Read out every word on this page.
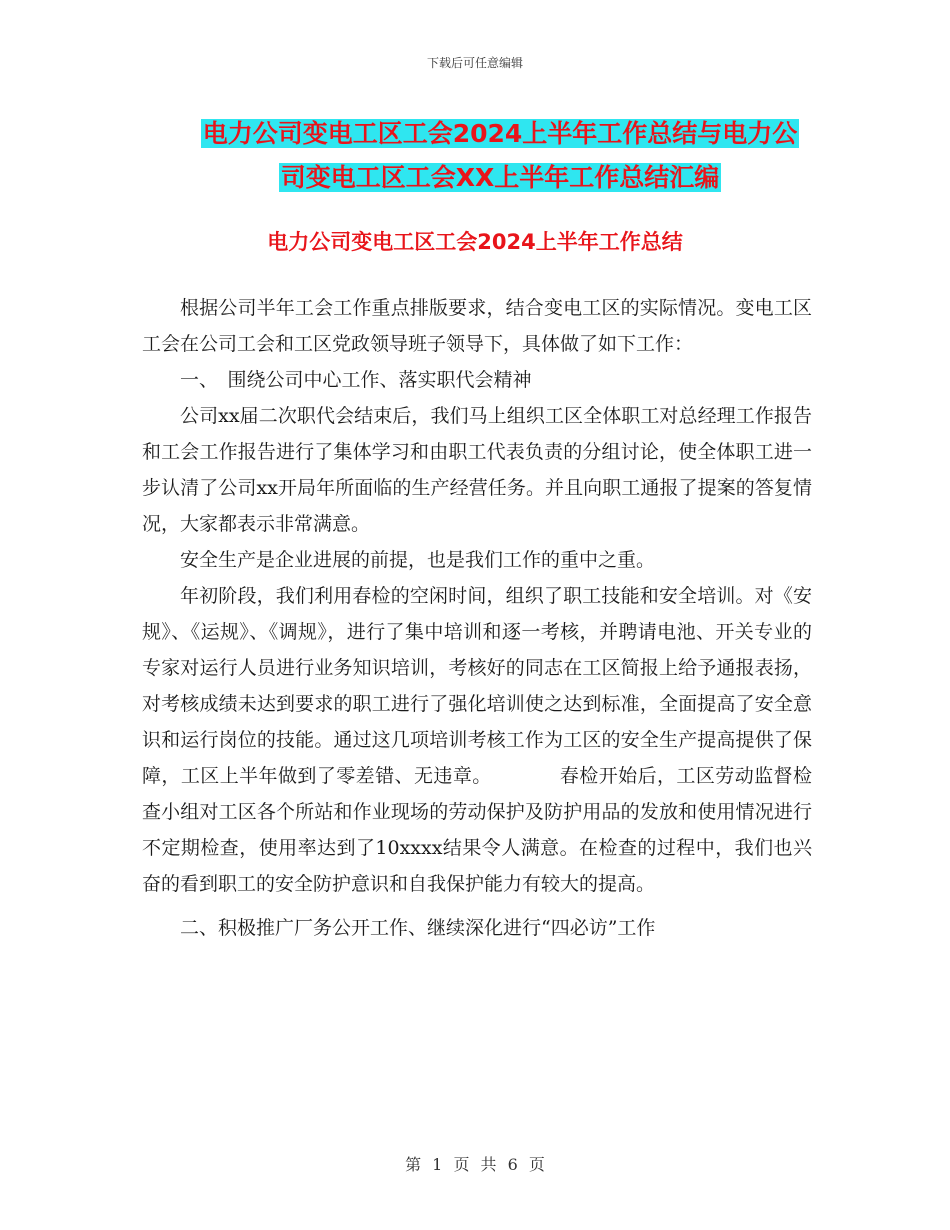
下载后可任意编辑
电力公司变电工区工会2024上半年工作总结与电力公
司变电工区工会XX上半年工作总结汇编
电力公司变电工区工会2024上半年工作总结

根据公司半年工会工作重点排版要求，结合变电工区的实际情况。变电工区工会在公司工会和工区党政领导班子领导下，具体做了如下工作：

一、　围绕公司中心工作、落实职代会精神

公司xx届二次职代会结束后，我们马上组织工区全体职工对总经理工作报告和工会工作报告进行了集体学习和由职工代表负责的分组讨论，使全体职工进一步认清了公司xx开局年所面临的生产经营任务。并且向职工通报了提案的答复情况，大家都表示非常满意。

安全生产是企业进展的前提，也是我们工作的重中之重。

年初阶段，我们利用春检的空闲时间，组织了职工技能和安全培训。对《安规》、《运规》、《调规》，进行了集中培训和逐一考核，并聘请电池、开关专业的专家对运行人员进行业务知识培训，考核好的同志在工区简报上给予通报表扬，对考核成绩未达到要求的职工进行了强化培训使之达到标准，全面提高了安全意识和运行岗位的技能。通过这几项培训考核工作为工区的安全生产提高提供了保障，工区上半年做到了零差错、无违章。　　　　春检开始后，工区劳动监督检查小组对工区各个所站和作业现场的劳动保护及防护用品的发放和使用情况进行不定期检查，使用率达到了10xxxx结果令人满意。在检查的过程中，我们也兴奋的看到职工的安全防护意识和自我保护能力有较大的提高。

二、积极推广厂务公开工作、继续深化进行“四必访”工作

第 1 页 共 6 页
